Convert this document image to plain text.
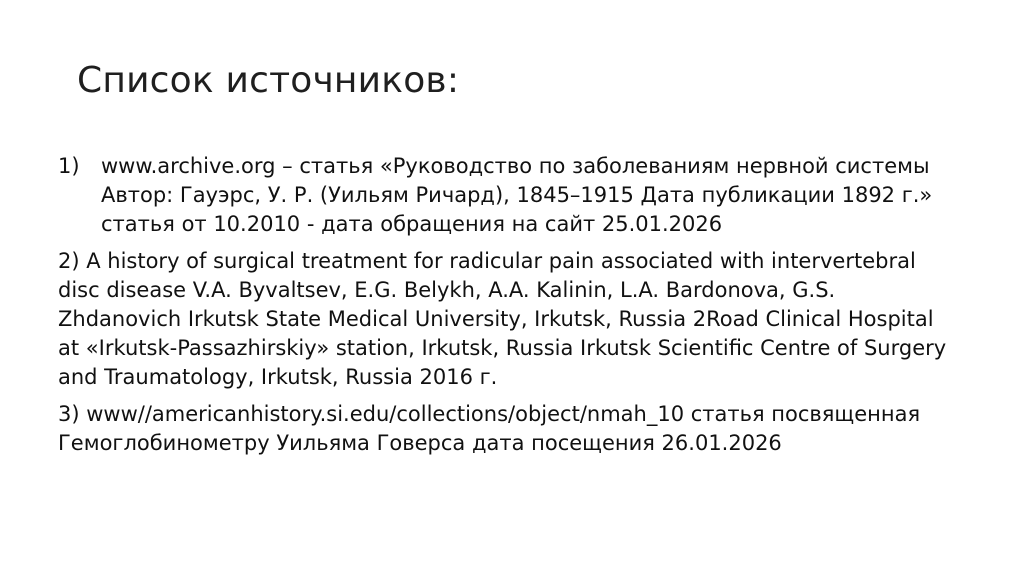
Список источников:
1)	www.archive.org – статья «Руководство по заболеваниям нервной системы Автор: Гауэрс, У. Р. (Уильям Ричард), 1845–1915 Дата публикации 1892 г.» статья от 10.2010 - дата обращения на сайт 25.01.2026
2) A history of surgical treatment for radicular pain associated with intervertebral disc disease V.A. Byvaltsev, E.G. Belykh, A.A. Kalinin, L.A. Bardonova, G.S. Zhdanovich Irkutsk State Medical University, Irkutsk, Russia 2Road Clinical Hospital at «Irkutsk-Passazhirskiy» station, Irkutsk, Russia Irkutsk Scientific Centre of Surgery and Traumatology, Irkutsk, Russia 2016 г.
3) www//americanhistory.si.edu/collections/object/nmah_10 статья посвященная Гемоглобинометру Уильяма Говерса дата посещения 26.01.2026
